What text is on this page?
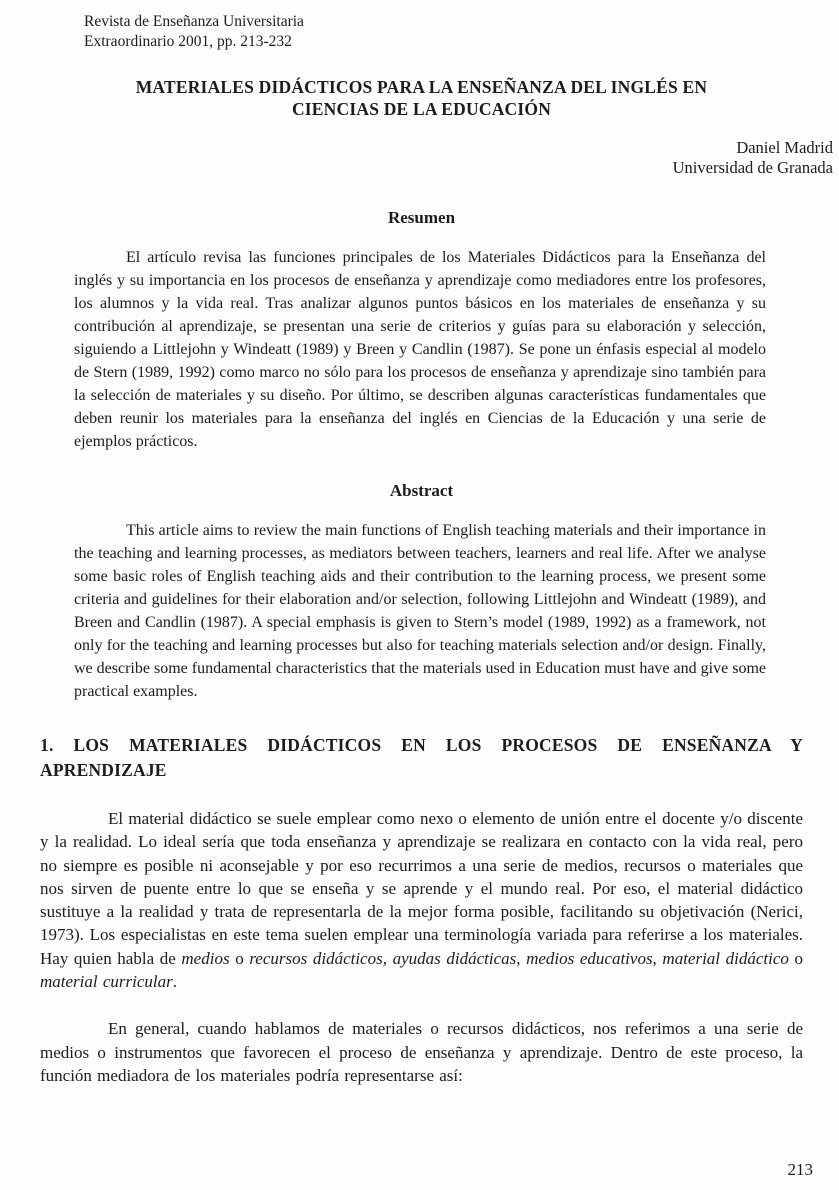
Revista de Enseñanza Universitaria
Extraordinario 2001, pp. 213-232
MATERIALES DIDÁCTICOS PARA LA ENSEÑANZA DEL INGLÉS EN
CIENCIAS DE LA EDUCACIÓN
Daniel Madrid
Universidad de Granada
Resumen

El artículo revisa las funciones principales de los Materiales Didácticos para la Enseñanza del inglés y su importancia en los procesos de enseñanza y aprendizaje como mediadores entre los profesores, los alumnos y la vida real. Tras analizar algunos puntos básicos en los materiales de enseñanza y su contribución al aprendizaje, se presentan una serie de criterios y guías para su elaboración y selección, siguiendo a Littlejohn y Windeatt (1989) y Breen y Candlin (1987). Se pone un énfasis especial al modelo de Stern (1989, 1992) como marco no sólo para los procesos de enseñanza y aprendizaje sino también para la selección de materiales y su diseño. Por último, se describen algunas características fundamentales que deben reunir los materiales para la enseñanza del inglés en Ciencias de la Educación y una serie de ejemplos prácticos.

Abstract

This article aims to review the main functions of English teaching materials and their importance in the teaching and learning processes, as mediators between teachers, learners and real life. After we analyse some basic roles of English teaching aids and their contribution to the learning process, we present some criteria and guidelines for their elaboration and/or selection, following Littlejohn and Windeatt (1989), and Breen and Candlin (1987). A special emphasis is given to Stern’s model (1989, 1992) as a framework, not only for the teaching and learning processes but also for teaching materials selection and/or design. Finally, we describe some fundamental characteristics that the materials used in Education must have and give some practical examples.

1. LOS MATERIALES DIDÁCTICOS EN LOS PROCESOS DE ENSEÑANZA Y APRENDIZAJE

El material didáctico se suele emplear como nexo o elemento de unión entre el docente y/o discente y la realidad. Lo ideal sería que toda enseñanza y aprendizaje se realizara en contacto con la vida real, pero no siempre es posible ni aconsejable y por eso recurrimos a una serie de medios, recursos o materiales que nos sirven de puente entre lo que se enseña y se aprende y el mundo real. Por eso, el material didáctico sustituye a la realidad y trata de representarla de la mejor forma posible, facilitando su objetivación (Nerici, 1973). Los especialistas en este tema suelen emplear una terminología variada para referirse a los materiales. Hay quien habla de medios o recursos didácticos, ayudas didácticas, medios educativos, material didáctico o material curricular.

En general, cuando hablamos de materiales o recursos didácticos, nos referimos a una serie de medios o instrumentos que favorecen el proceso de enseñanza y aprendizaje. Dentro de este proceso, la función mediadora de los materiales podría representarse así:

213
